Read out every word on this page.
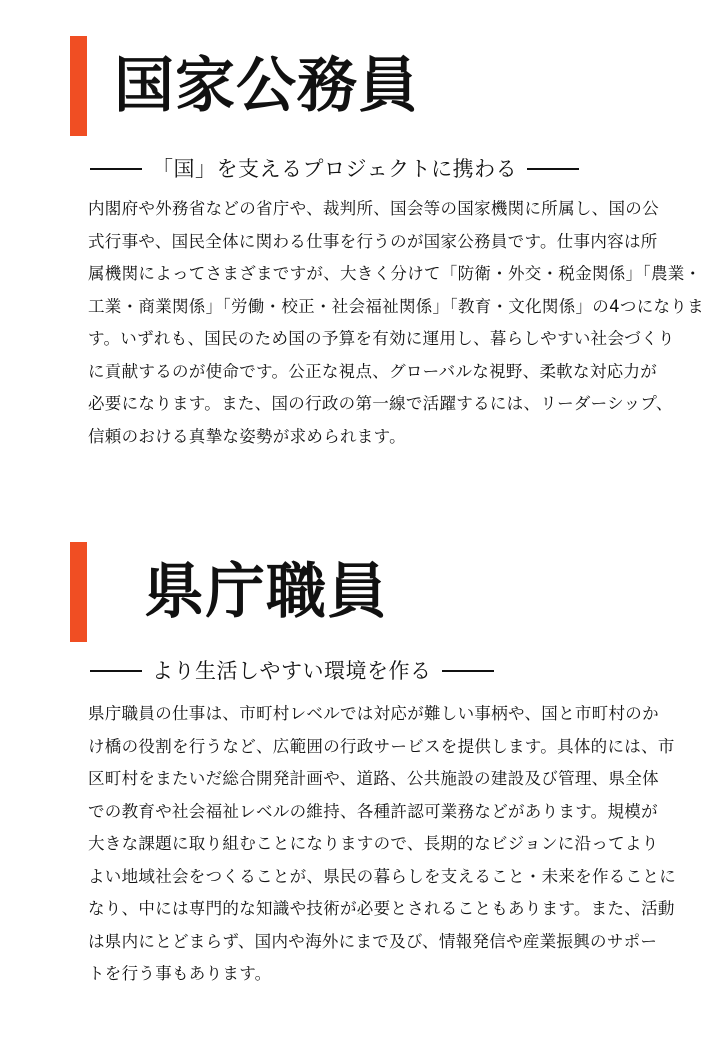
国家公務員
「国」を支えるプロジェクトに携わる

内閣府や外務省などの省庁や、裁判所、国会等の国家機関に所属し、国の公
式行事や、国民全体に関わる仕事を行うのが国家公務員です。仕事内容は所
属機関によってさまざまですが、大きく分けて「防衛・外交・税金関係」「農業・
工業・商業関係」「労働・校正・社会福祉関係」「教育・文化関係」の4つになりま
す。いずれも、国民のため国の予算を有効に運用し、暮らしやすい社会づくり
に貢献するのが使命です。公正な視点、グローバルな視野、柔軟な対応力が
必要になります。また、国の行政の第一線で活躍するには、リーダーシップ、
信頼のおける真摯な姿勢が求められます。

県庁職員
より生活しやすい環境を作る

県庁職員の仕事は、市町村レベルでは対応が難しい事柄や、国と市町村のか
け橋の役割を行うなど、広範囲の行政サービスを提供します。具体的には、市
区町村をまたいだ総合開発計画や、道路、公共施設の建設及び管理、県全体
での教育や社会福祉レベルの維持、各種許認可業務などがあります。規模が
大きな課題に取り組むことになりますので、長期的なビジョンに沿ってより
よい地域社会をつくることが、県民の暮らしを支えること・未来を作ることに
なり、中には専門的な知識や技術が必要とされることもあります。また、活動
は県内にとどまらず、国内や海外にまで及び、情報発信や産業振興のサポー
トを行う事もあります。
